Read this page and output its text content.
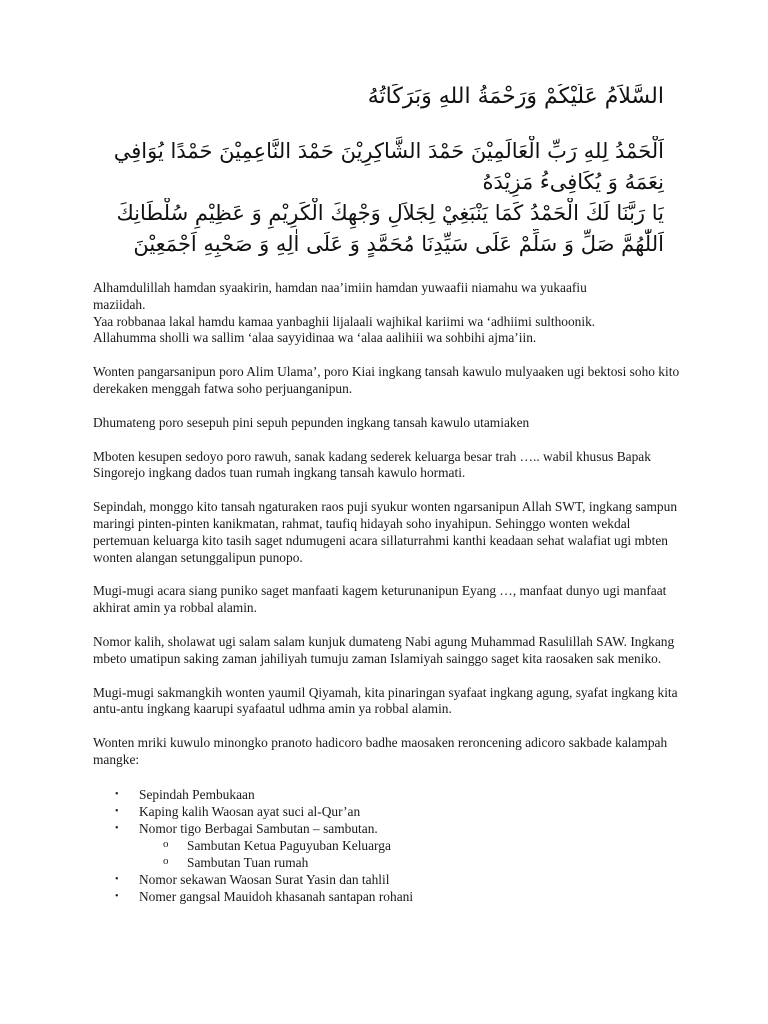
السَّلاَمُ عَلَيْكُمْ وَرَحْمَةُ اللهِ وَبَرَكَاتُهُ
اَلْحَمْدُ لِلهِ رَبِّ الْعَالَمِيْنَ حَمْدَ الشَّاكِرِيْنَ حَمْدَ النَّاعِمِيْنَ حَمْدًا يُوَافِي
نِعَمَهُ وَ يُكَافِىءُ مَزِيْدَهُ
يَا رَبَّنَا لَكَ الْحَمْدُ كَمَا يَنْبَغِيْ لِجَلاَلِ وَجْهِكَ الْكَرِيْمِ وَ عَظِيْمِ سُلْطَانِكَ
اَللّٰهُمَّ صَلِّ وَ سَلِّمْ عَلَى سَيِّدِنَا مُحَمَّدٍ وَ عَلَى اٰلِهِ وَ صَحْبِهِ اَجْمَعِيْنَ

Alhamdulillah hamdan syaakirin, hamdan naa’imiin hamdan yuwaafii niamahu wa yukaafiu
maziidah.
Yaa robbanaa lakal hamdu kamaa yanbaghii lijalaali wajhikal kariimi wa ‘adhiimi sulthoonik.
Allahumma sholli wa sallim ‘alaa sayyidinaa wa ‘alaa aalihiii wa sohbihi ajma’iin.

Wonten pangarsanipun poro Alim Ulama’, poro Kiai ingkang tansah kawulo mulyaaken ugi bektosi soho kito derekaken menggah fatwa soho perjuanganipun.

Dhumateng poro sesepuh pini sepuh pepunden ingkang tansah kawulo utamiaken

Mboten kesupen sedoyo poro rawuh, sanak kadang sederek keluarga besar trah ….. wabil khusus Bapak Singorejo ingkang dados tuan rumah ingkang tansah kawulo hormati.

Sepindah, monggo kito tansah ngaturaken raos puji syukur wonten ngarsanipun Allah SWT, ingkang sampun maringi pinten-pinten kanikmatan, rahmat, taufiq hidayah soho inyahipun. Sehinggo wonten wekdal pertemuan keluarga kito tasih saget ndumugeni acara sillaturrahmi kanthi keadaan sehat walafiat ugi mbten wonten alangan setunggalipun punopo.

Mugi-mugi acara siang puniko saget manfaati kagem keturunanipun Eyang …, manfaat dunyo ugi manfaat akhirat amin ya robbal alamin.

Nomor kalih, sholawat ugi salam salam kunjuk dumateng Nabi agung Muhammad Rasulillah SAW. Ingkang mbeto umatipun saking zaman jahiliyah tumuju zaman Islamiyah sainggo saget kita raosaken sak meniko.

Mugi-mugi sakmangkih wonten yaumil Qiyamah, kita pinaringan syafaat ingkang agung, syafat ingkang kita antu-antu ingkang kaarupi syafaatul udhma amin ya robbal alamin.

Wonten mriki kuwulo minongko pranoto hadicoro badhe maosaken reroncening adicoro sakbade kalampah mangke:

• Sepindah Pembukaan
• Kaping kalih Waosan ayat suci al-Qur’an
• Nomor tigo Berbagai Sambutan – sambutan.
o Sambutan Ketua Paguyuban Keluarga
o Sambutan Tuan rumah
• Nomor sekawan Waosan Surat Yasin dan tahlil
• Nomer gangsal Mauidoh khasanah santapan rohani
